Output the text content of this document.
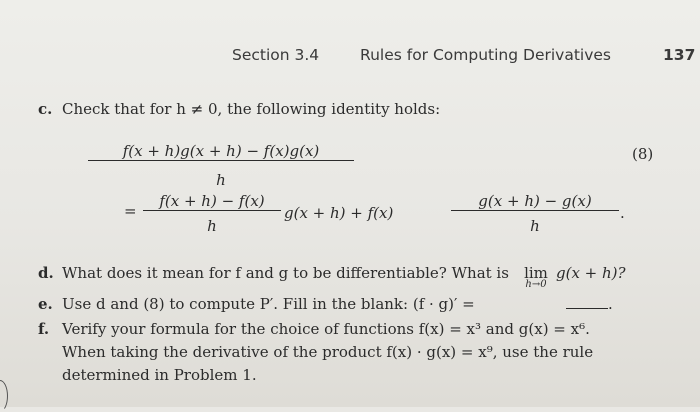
Section 3.4	Rules for Computing Derivatives	137
c. Check that for h ≠ 0, the following identity holds:
f(x + h)g(x + h) − f(x)g(x)
h
(8)
=
f(x + h) − f(x)
h
g(x + h) + f(x)
g(x + h) − g(x)
h
.
d. What does it mean for f and g to be differentiable? What is lim
h→0
g(x + h)?
e. Use d and (8) to compute P′. Fill in the blank: (f · g)′ =	.
f. Verify your formula for the choice of functions f(x) = x³ and g(x) = x⁶.
When taking the derivative of the product f(x) · g(x) = x⁹, use the rule
determined in Problem 1.
